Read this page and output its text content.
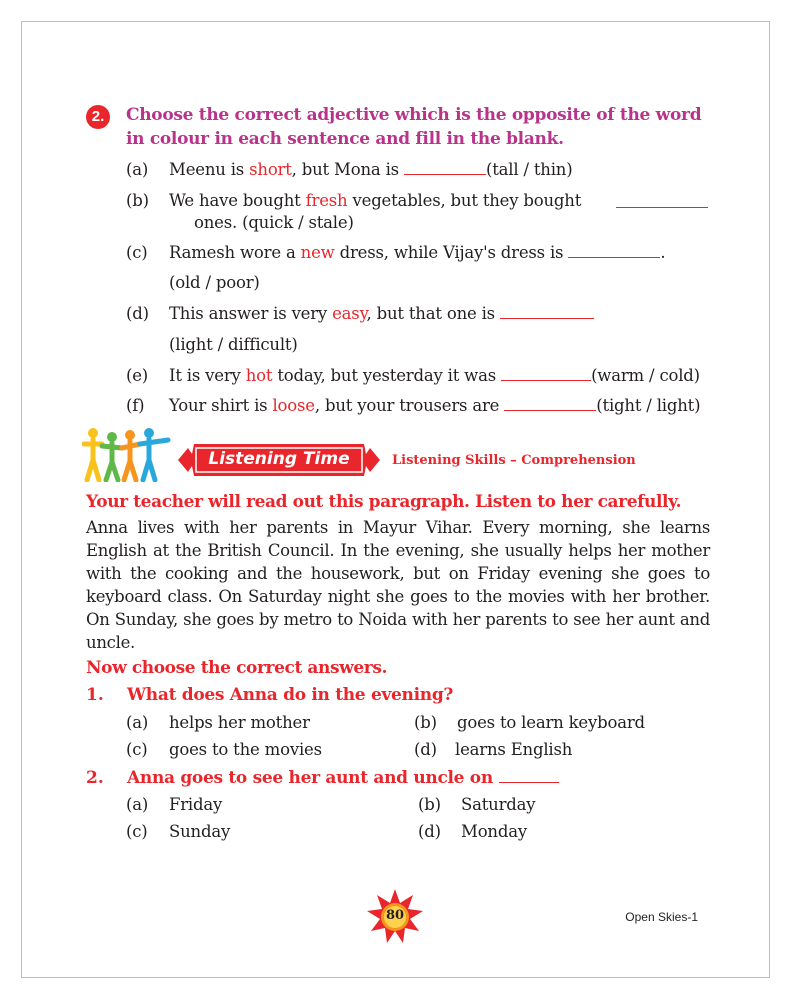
2.	Choose the correct adjective which is the opposite of the word
in colour in each sentence and fill in the blank.
(a) Meenu is short, but Mona is	(tall / thin)
(b) We have bought fresh vegetables, but they bought
ones. (quick / stale)
(c) Ramesh wore a new dress, while Vijay's dress is	.
(old / poor)
(d) This answer is very easy, but that one is
(light / difficult)
(e) It is very hot today, but yesterday it was	(warm / cold)
(f) Your shirt is loose, but your trousers are	(tight / light)
Listening Time	Listening Skills – Comprehension
Your teacher will read out this paragraph. Listen to her carefully.
Anna lives with her parents in Mayur Vihar. Every morning, she learns English at the British Council. In the evening, she usually helps her mother with the cooking and the housework, but on Friday evening she goes to keyboard class. On Saturday night she goes to the movies with her brother. On Sunday, she goes by metro to Noida with her parents to see her aunt and uncle.
Now choose the correct answers.
1. What does Anna do in the evening?
(a) helps her mother	(b) goes to learn keyboard
(c) goes to the movies	(d) learns English
2. Anna goes to see her aunt and uncle on
(a) Friday	(b) Saturday
(c) Sunday	(d) Monday
80	Open Skies-1
